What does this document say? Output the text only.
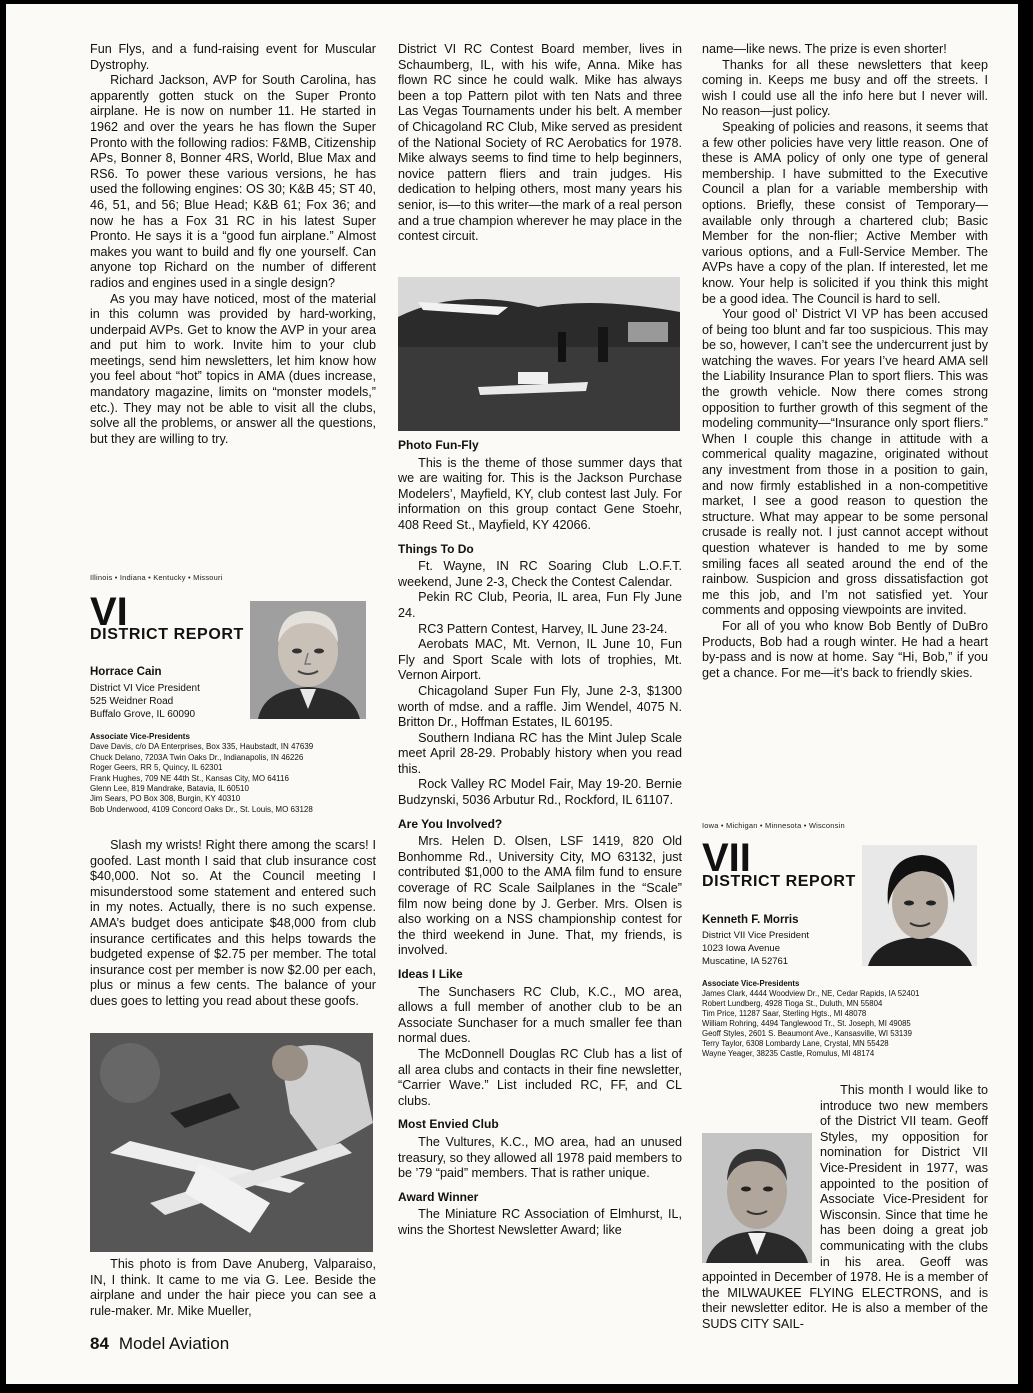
Fun Flys, and a fund-raising event for Muscular Dystrophy.

Richard Jackson, AVP for South Carolina, has apparently gotten stuck on the Super Pronto airplane. He is now on number 11. He started in 1962 and over the years he has flown the Super Pronto with the following radios: F&MB, Citizenship APs, Bonner 8, Bonner 4RS, World, Blue Max and RS6. To power these various versions, he has used the following engines: OS 30; K&B 45; ST 40, 46, 51, and 56; Blue Head; K&B 61; Fox 36; and now he has a Fox 31 RC in his latest Super Pronto. He says it is a “good fun airplane.” Almost makes you want to build and fly one yourself. Can anyone top Richard on the number of different radios and engines used in a single design?

As you may have noticed, most of the material in this column was provided by hard-working, underpaid AVPs. Get to know the AVP in your area and put him to work. Invite him to your club meetings, send him newsletters, let him know how you feel about “hot” topics in AMA (dues increase, mandatory magazine, limits on “monster models,” etc.). They may not be able to visit all the clubs, solve all the problems, or answer all the questions, but they are willing to try.

Illinois • Indiana • Kentucky • Missouri
VI
DISTRICT REPORT
Horrace Cain
District VI Vice President
525 Weidner Road
Buffalo Grove, IL 60090
Associate Vice-Presidents
Dave Davis, c/o DA Enterprises, Box 335, Haubstadt, IN 47639
Chuck Delano, 7203A Twin Oaks Dr., Indianapolis, IN 46226
Roger Geers, RR 5, Quincy, IL 62301
Frank Hughes, 709 NE 44th St., Kansas City, MO 64116
Glenn Lee, 819 Mandrake, Batavia, IL 60510
Jim Sears, PO Box 308, Burgin, KY 40310
Bob Underwood, 4109 Concord Oaks Dr., St. Louis, MO 63128

Slash my wrists! Right there among the scars! I goofed. Last month I said that club insurance cost $40,000. Not so. At the Council meeting I misunderstood some statement and entered such in my notes. Actually, there is no such expense. AMA’s budget does anticipate $48,000 from club insurance certificates and this helps towards the budgeted expense of $2.75 per member. The total insurance cost per member is now $2.00 per each, plus or minus a few cents. The balance of your dues goes to letting you read about these goofs.

This photo is from Dave Anuberg, Valparaiso, IN, I think. It came to me via G. Lee. Beside the airplane and under the hair piece you can see a rule-maker. Mr. Mike Mueller,

84 Model Aviation

District VI RC Contest Board member, lives in Schaumberg, IL, with his wife, Anna. Mike has flown RC since he could walk. Mike has always been a top Pattern pilot with ten Nats and three Las Vegas Tournaments under his belt. A member of Chicagoland RC Club, Mike served as president of the National Society of RC Aerobatics for 1978. Mike always seems to find time to help beginners, novice pattern fliers and train judges. His dedication to helping others, most many years his senior, is—to this writer—the mark of a real person and a true champion wherever he may place in the contest circuit.

Photo Fun-Fly

This is the theme of those summer days that we are waiting for. This is the Jackson Purchase Modelers’, Mayfield, KY, club contest last July. For information on this group contact Gene Stoehr, 408 Reed St., Mayfield, KY 42066.

Things To Do

Ft. Wayne, IN RC Soaring Club L.O.F.T. weekend, June 2-3, Check the Contest Calendar.

Pekin RC Club, Peoria, IL area, Fun Fly June 24.

RC3 Pattern Contest, Harvey, IL June 23-24.

Aerobats MAC, Mt. Vernon, IL June 10, Fun Fly and Sport Scale with lots of trophies, Mt. Vernon Airport.

Chicagoland Super Fun Fly, June 2-3, $1300 worth of mdse. and a raffle. Jim Wendel, 4075 N. Britton Dr., Hoffman Estates, IL 60195.

Southern Indiana RC has the Mint Julep Scale meet April 28-29. Probably history when you read this.

Rock Valley RC Model Fair, May 19-20. Bernie Budzynski, 5036 Arbutur Rd., Rockford, IL 61107.

Are You Involved?

Mrs. Helen D. Olsen, LSF 1419, 820 Old Bonhomme Rd., University City, MO 63132, just contributed $1,000 to the AMA film fund to ensure coverage of RC Scale Sailplanes in the “Scale” film now being done by J. Gerber. Mrs. Olsen is also working on a NSS championship contest for the third weekend in June. That, my friends, is involved.

Ideas I Like

The Sunchasers RC Club, K.C., MO area, allows a full member of another club to be an Associate Sunchaser for a much smaller fee than normal dues.

The McDonnell Douglas RC Club has a list of all area clubs and contacts in their fine newsletter, “Carrier Wave.” List included RC, FF, and CL clubs.

Most Envied Club

The Vultures, K.C., MO area, had an unused treasury, so they allowed all 1978 paid members to be ’79 “paid” members. That is rather unique.

Award Winner

The Miniature RC Association of Elmhurst, IL, wins the Shortest Newsletter Award; like

name—like news. The prize is even shorter!

Thanks for all these newsletters that keep coming in. Keeps me busy and off the streets. I wish I could use all the info here but I never will. No reason—just policy.

Speaking of policies and reasons, it seems that a few other policies have very little reason. One of these is AMA policy of only one type of general membership. I have submitted to the Executive Council a plan for a variable membership with options. Briefly, these consist of Temporary—available only through a chartered club; Basic Member for the non-flier; Active Member with various options, and a Full-Service Member. The AVPs have a copy of the plan. If interested, let me know. Your help is solicited if you think this might be a good idea. The Council is hard to sell.

Your good ol’ District VI VP has been accused of being too blunt and far too suspicious. This may be so, however, I can’t see the undercurrent just by watching the waves. For years I’ve heard AMA sell the Liability Insurance Plan to sport fliers. This was the growth vehicle. Now there comes strong opposition to further growth of this segment of the modeling community—“Insurance only sport fliers.” When I couple this change in attitude with a commerical quality magazine, originated without any investment from those in a position to gain, and now firmly established in a non-competitive market, I see a good reason to question the structure. What may appear to be some personal crusade is really not. I just cannot accept without question whatever is handed to me by some smiling faces all seated around the end of the rainbow. Suspicion and gross dissatisfaction got me this job, and I’m not satisfied yet. Your comments and opposing viewpoints are invited.

For all of you who know Bob Bently of DuBro Products, Bob had a rough winter. He had a heart by-pass and is now at home. Say “Hi, Bob,” if you get a chance. For me—it’s back to friendly skies.

Iowa • Michigan • Minnesota • Wisconsin
VII
DISTRICT REPORT
Kenneth F. Morris
District VII Vice President
1023 Iowa Avenue
Muscatine, IA 52761
Associate Vice-Presidents
James Clark, 4444 Woodview Dr., NE, Cedar Rapids, IA 52401
Robert Lundberg, 4928 Tioga St., Duluth, MN 55804
Tim Price, 11287 Saar, Sterling Hgts., MI 48078
William Rohring, 4494 Tanglewood Tr., St. Joseph, MI 49085
Geoff Styles, 2601 S. Beaumont Ave., Kansasville, WI 53139
Terry Taylor, 6308 Lombardy Lane, Crystal, MN 55428
Wayne Yeager, 38235 Castle, Romulus, MI 48174

This month I would like to introduce two new members of the District VII team. Geoff Styles, my opposition for nomination for District VII Vice-President in 1977, was appointed to the position of Associate Vice-President for Wisconsin. Since that time he has been doing a great job communicating with the clubs in his area. Geoff was appointed in December of 1978. He is a member of the MILWAUKEE FLYING ELECTRONS, and is their newsletter editor. He is also a member of the SUDS CITY SAIL-
